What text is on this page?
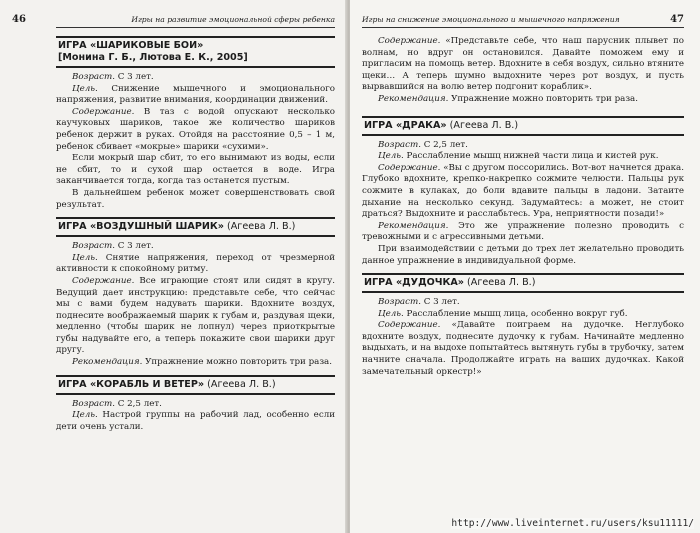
46	Игры на развитие эмоциональной сферы ребенка
ИГРА «ШАРИКОВЫЕ БОИ»
[Монина Г. Б., Лютова Е. К., 2005]

Возраст. С 3 лет.

Цель. Снижение мышечного и эмоционального напряжения, развитие внимания, координации движений.

Содержание. В таз с водой опускают несколько каучуковых шариков, такое же количество шариков ребенок держит в руках. Отойдя на расстояние 0,5 – 1 м, ребенок сбивает «мокрые» шарики «сухими».

Если мокрый шар сбит, то его вынимают из воды, если не сбит, то и сухой шар остается в воде. Игра заканчивается тогда, когда таз останется пустым.

В дальнейшем ребенок может совершенствовать свой результат.

ИГРА «ВОЗДУШНЫЙ ШАРИК» (Агеева Л. В.)

Возраст. С 3 лет.

Цель. Снятие напряжения, переход от чрезмерной активности к спокойному ритму.

Содержание. Все играющие стоят или сидят в кругу. Ведущий дает инструкцию: представьте себе, что сейчас мы с вами будем надувать шарики. Вдохните воздух, поднесите воображаемый шарик к губам и, раздувая щеки, медленно (чтобы шарик не лопнул) через приоткрытые губы надувайте его, а теперь покажите свои шарики друг другу.

Рекомендация. Упражнение можно повторить три раза.

ИГРА «КОРАБЛЬ И ВЕТЕР» (Агеева Л. В.)

Возраст. С 2,5 лет.

Цель. Настрой группы на рабочий лад, особенно если дети очень устали.

Игры на снижение эмоционального и мышечного напряжения	47

Содержание. «Представьте себе, что наш парусник плывет по волнам, но вдруг он остановился. Давайте поможем ему и пригласим на помощь ветер. Вдохните в себя воздух, сильно втяните щеки… А теперь шумно выдохните через рот воздух, и пусть вырвавшийся на волю ветер подгонит кораблик».

Рекомендация. Упражнение можно повторить три раза.

ИГРА «ДРАКА» (Агеева Л. В.)

Возраст. С 2,5 лет.

Цель. Расслабление мышц нижней части лица и кистей рук.

Содержание. «Вы с другом поссорились. Вот-вот начнется драка. Глубоко вдохните, крепко-накрепко сожмите челюсти. Пальцы рук сожмите в кулаках, до боли вдавите пальцы в ладони. Затаите дыхание на несколько секунд. Задумайтесь: а может, не стоит драться? Выдохните и расслабьтесь. Ура, неприятности позади!»

Рекомендация. Это же упражнение полезно проводить с тревожными и с агрессивными детьми.

При взаимодействии с детьми до трех лет желательно проводить данное упражнение в индивидуальной форме.

ИГРА «ДУДОЧКА» (Агеева Л. В.)

Возраст. С 3 лет.

Цель. Расслабление мышц лица, особенно вокруг губ.

Содержание. «Давайте поиграем на дудочке. Неглубоко вдохните воздух, поднесите дудочку к губам. Начинайте медленно выдыхать, и на выдохе попытайтесь вытянуть губы в трубочку, затем начните сначала. Продолжайте играть на ваших дудочках. Какой замечательный оркестр!»

http://www.liveinternet.ru/users/ksu11111/
